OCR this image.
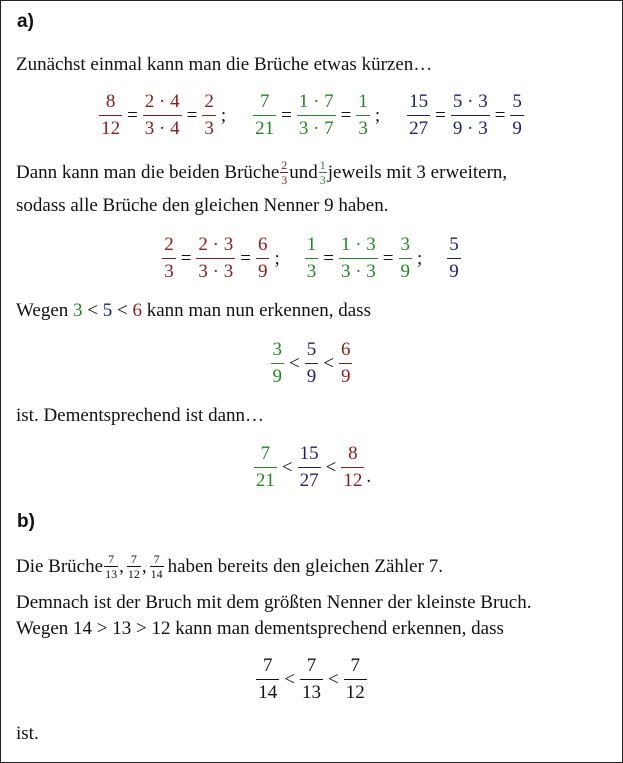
a)
Zunächst einmal kann man die Brüche etwas kürzen…
$\frac{8}{12} = \frac{2 \cdot 4}{3 \cdot 4} = \frac{2}{3}$ ; $\frac{7}{21} = \frac{1 \cdot 7}{3 \cdot 7} = \frac{1}{3}$ ; $\frac{15}{27} = \frac{5 \cdot 3}{9 \cdot 3} = \frac{5}{9}$
Dann kann man die beiden Brüche $\frac{2}{3}$ und $\frac{1}{3}$ jeweils mit 3 erweitern,
sodass alle Brüche den gleichen Nenner 9 haben.
$\frac{2}{3} = \frac{2 \cdot 3}{3 \cdot 3} = \frac{6}{9}$ ; $\frac{1}{3} = \frac{1 \cdot 3}{3 \cdot 3} = \frac{3}{9}$ ; $\frac{5}{9}$
Wegen 3 < 5 < 6 kann man nun erkennen, dass
$\frac{3}{9} < \frac{5}{9} < \frac{6}{9}$
ist. Dementsprechend ist dann…
$\frac{7}{21} < \frac{15}{27} < \frac{8}{12}$ .
b)
Die Brüche $\frac{7}{13}$ , $\frac{7}{12}$ , $\frac{7}{14}$ haben bereits den gleichen Zähler 7.
Demnach ist der Bruch mit dem größten Nenner der kleinste Bruch.
Wegen 14 > 13 > 12 kann man dementsprechend erkennen, dass
$\frac{7}{14} < \frac{7}{13} < \frac{7}{12}$
ist.
